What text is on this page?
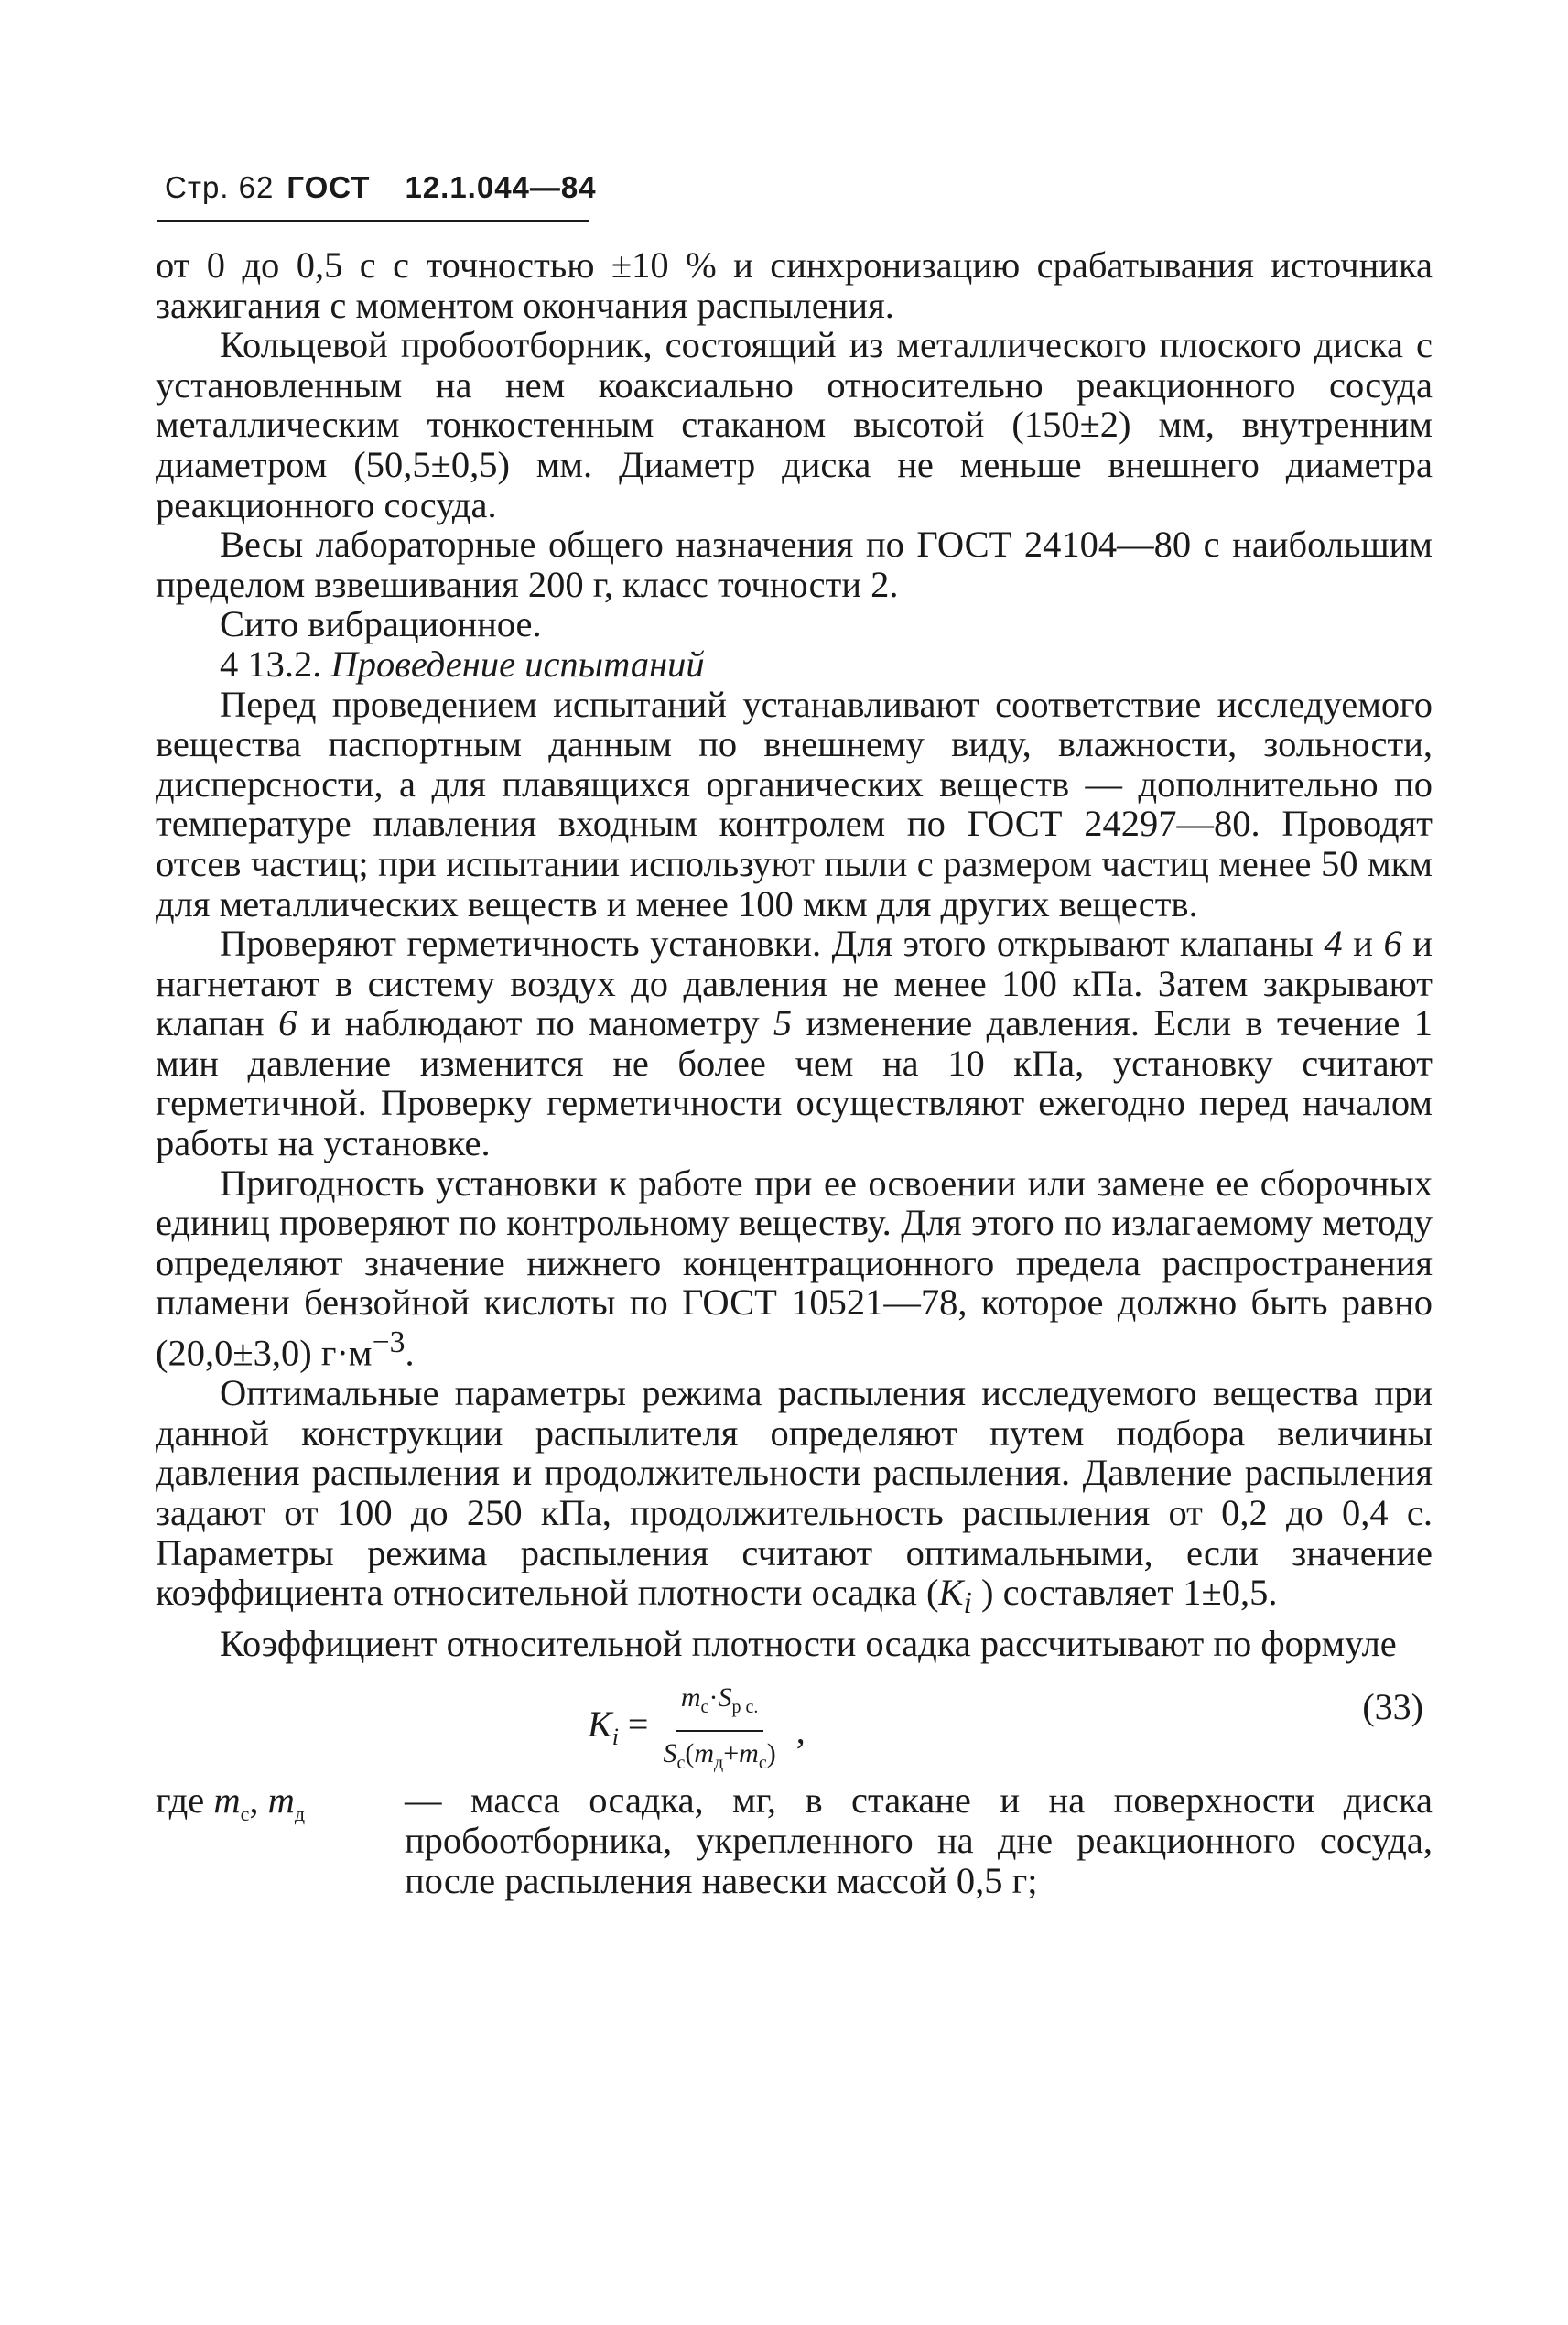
Стр. 62 ГОСТ 12.1.044—84

от 0 до 0,5 с с точностью ±10 % и синхронизацию срабатывания источника зажигания с моментом окончания распыления.

Кольцевой пробоотборник, состоящий из металлического плоского диска с установленным на нем коаксиально относительно реакционного сосуда металлическим тонкостенным стаканом высотой (150±2) мм, внутренним диаметром (50,5±0,5) мм. Диаметр диска не меньше внешнего диаметра реакционного сосуда.

Весы лабораторные общего назначения по ГОСТ 24104—80 с наибольшим пределом взвешивания 200 г, класс точности 2.

Сито вибрационное.

4 13.2. Проведение испытаний

Перед проведением испытаний устанавливают соответствие исследуемого вещества паспортным данным по внешнему виду, влажности, зольности, дисперсности, а для плавящихся органических веществ — дополнительно по температуре плавления входным контролем по ГОСТ 24297—80. Проводят отсев частиц; при испытании используют пыли с размером частиц менее 50 мкм для металлических веществ и менее 100 мкм для других веществ.

Проверяют герметичность установки. Для этого открывают клапаны 4 и 6 и нагнетают в систему воздух до давления не менее 100 кПа. Затем закрывают клапан 6 и наблюдают по манометру 5 изменение давления. Если в течение 1 мин давление изменится не более чем на 10 кПа, установку считают герметичной. Проверку герметичности осуществляют ежегодно перед началом работы на установке.

Пригодность установки к работе при ее освоении или замене ее сборочных единиц проверяют по контрольному веществу. Для этого по излагаемому методу определяют значение нижнего концентрационного предела распространения пламени бензойной кислоты по ГОСТ 10521—78, которое должно быть равно (20,0±3,0) $г\cdot м^{-3}$.

Оптимальные параметры режима распыления исследуемого вещества при данной конструкции распылителя определяют путем подбора величины давления распыления и продолжительности распыления. Давление распыления задают от 100 до 250 кПа, продолжительность распыления от 0,2 до 0,4 с. Параметры режима распыления считают оптимальными, если значение коэффициента относительной плотности осадка ($K_i$ ) составляет 1±0,5.

Коэффициент относительной плотности осадка рассчитывают по формуле

$K_i = \frac{m_c\cdot S_{p c.}}{S_c(m_д+m_c)}$ ,
(33)
где $m_c$, $m_д$	— масса осадка, мг, в стакане и на поверхности диска пробоотборника, укрепленного на дне реакционного сосуда, после распыления навески массой 0,5 г;
